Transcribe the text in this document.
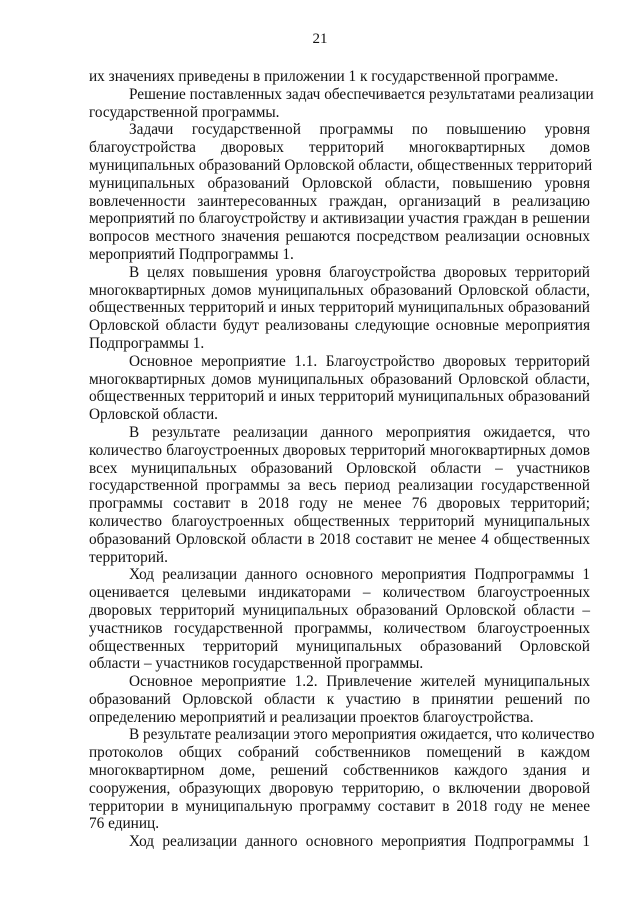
21
их значениях приведены в приложении 1 к государственной программе.
Решение поставленных задач обеспечивается результатами реализации
государственной программы.
Задачи государственной программы по повышению уровня
благоустройства дворовых территорий многоквартирных домов
муниципальных образований Орловской области, общественных территорий
муниципальных образований Орловской области, повышению уровня
вовлеченности заинтересованных граждан, организаций в реализацию
мероприятий по благоустройству и активизации участия граждан в решении
вопросов местного значения решаются посредством реализации основных
мероприятий Подпрограммы 1.
В целях повышения уровня благоустройства дворовых территорий
многоквартирных домов муниципальных образований Орловской области,
общественных территорий и иных территорий муниципальных образований
Орловской области будут реализованы следующие основные мероприятия
Подпрограммы 1.
Основное мероприятие 1.1. Благоустройство дворовых территорий
многоквартирных домов муниципальных образований Орловской области,
общественных территорий и иных территорий муниципальных образований
Орловской области.
В результате реализации данного мероприятия ожидается, что
количество благоустроенных дворовых территорий многоквартирных домов
всех муниципальных образований Орловской области – участников
государственной программы за весь период реализации государственной
программы составит в 2018 году не менее 76 дворовых территорий;
количество благоустроенных общественных территорий муниципальных
образований Орловской области в 2018 составит не менее 4 общественных
территорий.
Ход реализации данного основного мероприятия Подпрограммы 1
оценивается целевыми индикаторами – количеством благоустроенных
дворовых территорий муниципальных образований Орловской области –
участников государственной программы, количеством благоустроенных
общественных территорий муниципальных образований Орловской
области – участников государственной программы.
Основное мероприятие 1.2. Привлечение жителей муниципальных
образований Орловской области к участию в принятии решений по
определению мероприятий и реализации проектов благоустройства.
В результате реализации этого мероприятия ожидается, что количество
протоколов общих собраний собственников помещений в каждом
многоквартирном доме, решений собственников каждого здания и
сооружения, образующих дворовую территорию, о включении дворовой
территории в муниципальную программу составит в 2018 году не менее
76 единиц.
Ход реализации данного основного мероприятия Подпрограммы 1
